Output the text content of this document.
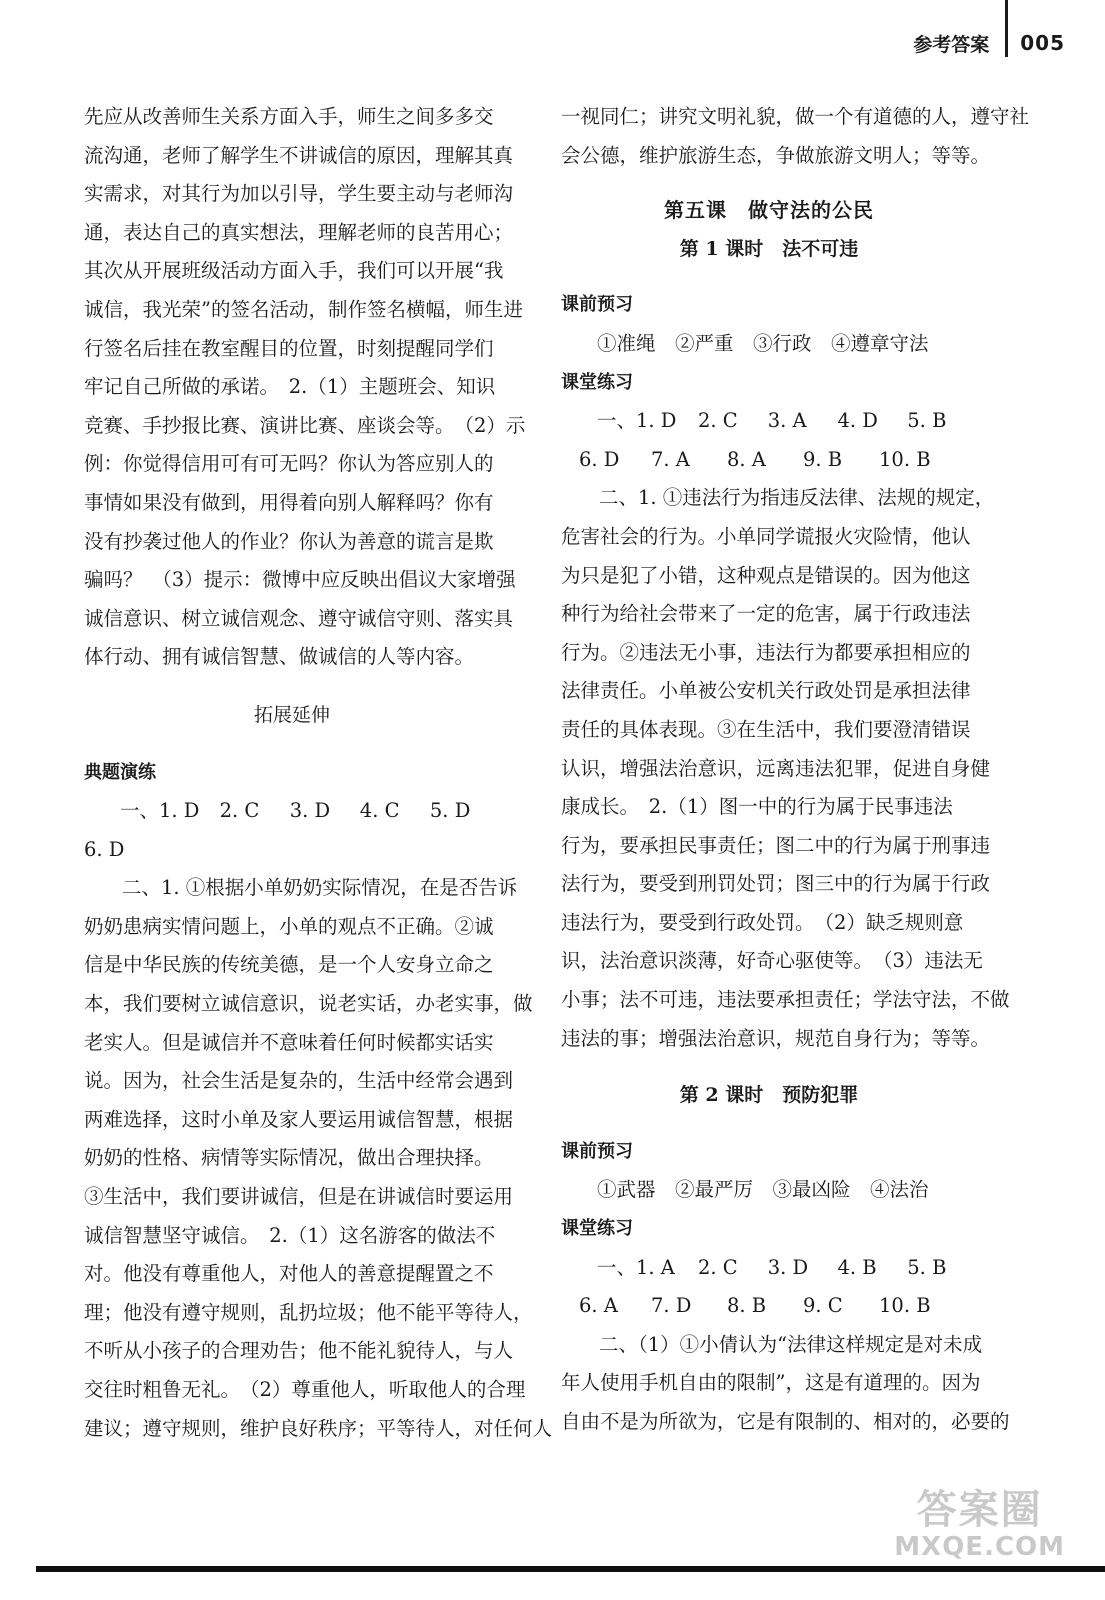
参考答案 005

先应从改善师生关系方面入手，师生之间多多交
流沟通，老师了解学生不讲诚信的原因，理解其真
实需求，对其行为加以引导，学生要主动与老师沟
通，表达自己的真实想法，理解老师的良苦用心；
其次从开展班级活动方面入手，我们可以开展“我
诚信，我光荣”的签名活动，制作签名横幅，师生进
行签名后挂在教室醒目的位置，时刻提醒同学们
牢记自己所做的承诺。　2.（1）主题班会、知识
竞赛、手抄报比赛、演讲比赛、座谈会等。　（2）示
例：你觉得信用可有可无吗？你认为答应别人的
事情如果没有做到，用得着向别人解释吗？你有
没有抄袭过他人的作业？你认为善意的谎言是欺
骗吗？　（3）提示：微博中应反映出倡议大家增强
诚信意识、树立诚信观念、遵守诚信守则、落实具
体行动、拥有诚信智慧、做诚信的人等内容。

拓展延伸

典题演练

一、1. D	2. C	3. D	4. C	5. D

6. D

二、1. ①根据小单奶奶实际情况，在是否告诉
奶奶患病实情问题上，小单的观点不正确。②诚
信是中华民族的传统美德，是一个人安身立命之
本，我们要树立诚信意识，说老实话，办老实事，做
老实人。但是诚信并不意味着任何时候都实话实
说。因为，社会生活是复杂的，生活中经常会遇到
两难选择，这时小单及家人要运用诚信智慧，根据
奶奶的性格、病情等实际情况，做出合理抉择。
③生活中，我们要讲诚信，但是在讲诚信时要运用
诚信智慧坚守诚信。　2.（1）这名游客的做法不
对。他没有尊重他人，对他人的善意提醒置之不
理；他没有遵守规则，乱扔垃圾；他不能平等待人，
不听从小孩子的合理劝告；他不能礼貌待人，与人
交往时粗鲁无礼。　（2）尊重他人，听取他人的合理
建议；遵守规则，维护良好秩序；平等待人，对任何人

一视同仁；讲究文明礼貌，做一个有道德的人，遵守社
会公德，维护旅游生态，争做旅游文明人；等等。

第五课　做守法的公民

第 1 课时　法不可违

课前预习

①准绳　②严重　③行政　④遵章守法

课堂练习

一、1. D	2. C	3. A	4. D	5. B

6. D	7. A	8. A	9. B	10. B

二、1. ①违法行为指违反法律、法规的规定，
危害社会的行为。小单同学谎报火灾险情，他认
为只是犯了小错，这种观点是错误的。因为他这
种行为给社会带来了一定的危害，属于行政违法
行为。②违法无小事，违法行为都要承担相应的
法律责任。小单被公安机关行政处罚是承担法律
责任的具体表现。③在生活中，我们要澄清错误
认识，增强法治意识，远离违法犯罪，促进自身健
康成长。　2.（1）图一中的行为属于民事违法
行为，要承担民事责任；图二中的行为属于刑事违
法行为，要受到刑罚处罚；图三中的行为属于行政
违法行为，要受到行政处罚。　（2）缺乏规则意
识，法治意识淡薄，好奇心驱使等。　（3）违法无
小事；法不可违，违法要承担责任；学法守法，不做
违法的事；增强法治意识，规范自身行为；等等。

第 2 课时　预防犯罪

课前预习

①武器　②最严厉　③最凶险　④法治

课堂练习

一、1. A	2. C	3. D	4. B	5. B

6. A	7. D	8. B	9. C	10. B

二、（1）①小倩认为“法律这样规定是对未成
年人使用手机自由的限制”，这是有道理的。因为
自由不是为所欲为，它是有限制的、相对的，必要的

答案圈
MXQE.COM
